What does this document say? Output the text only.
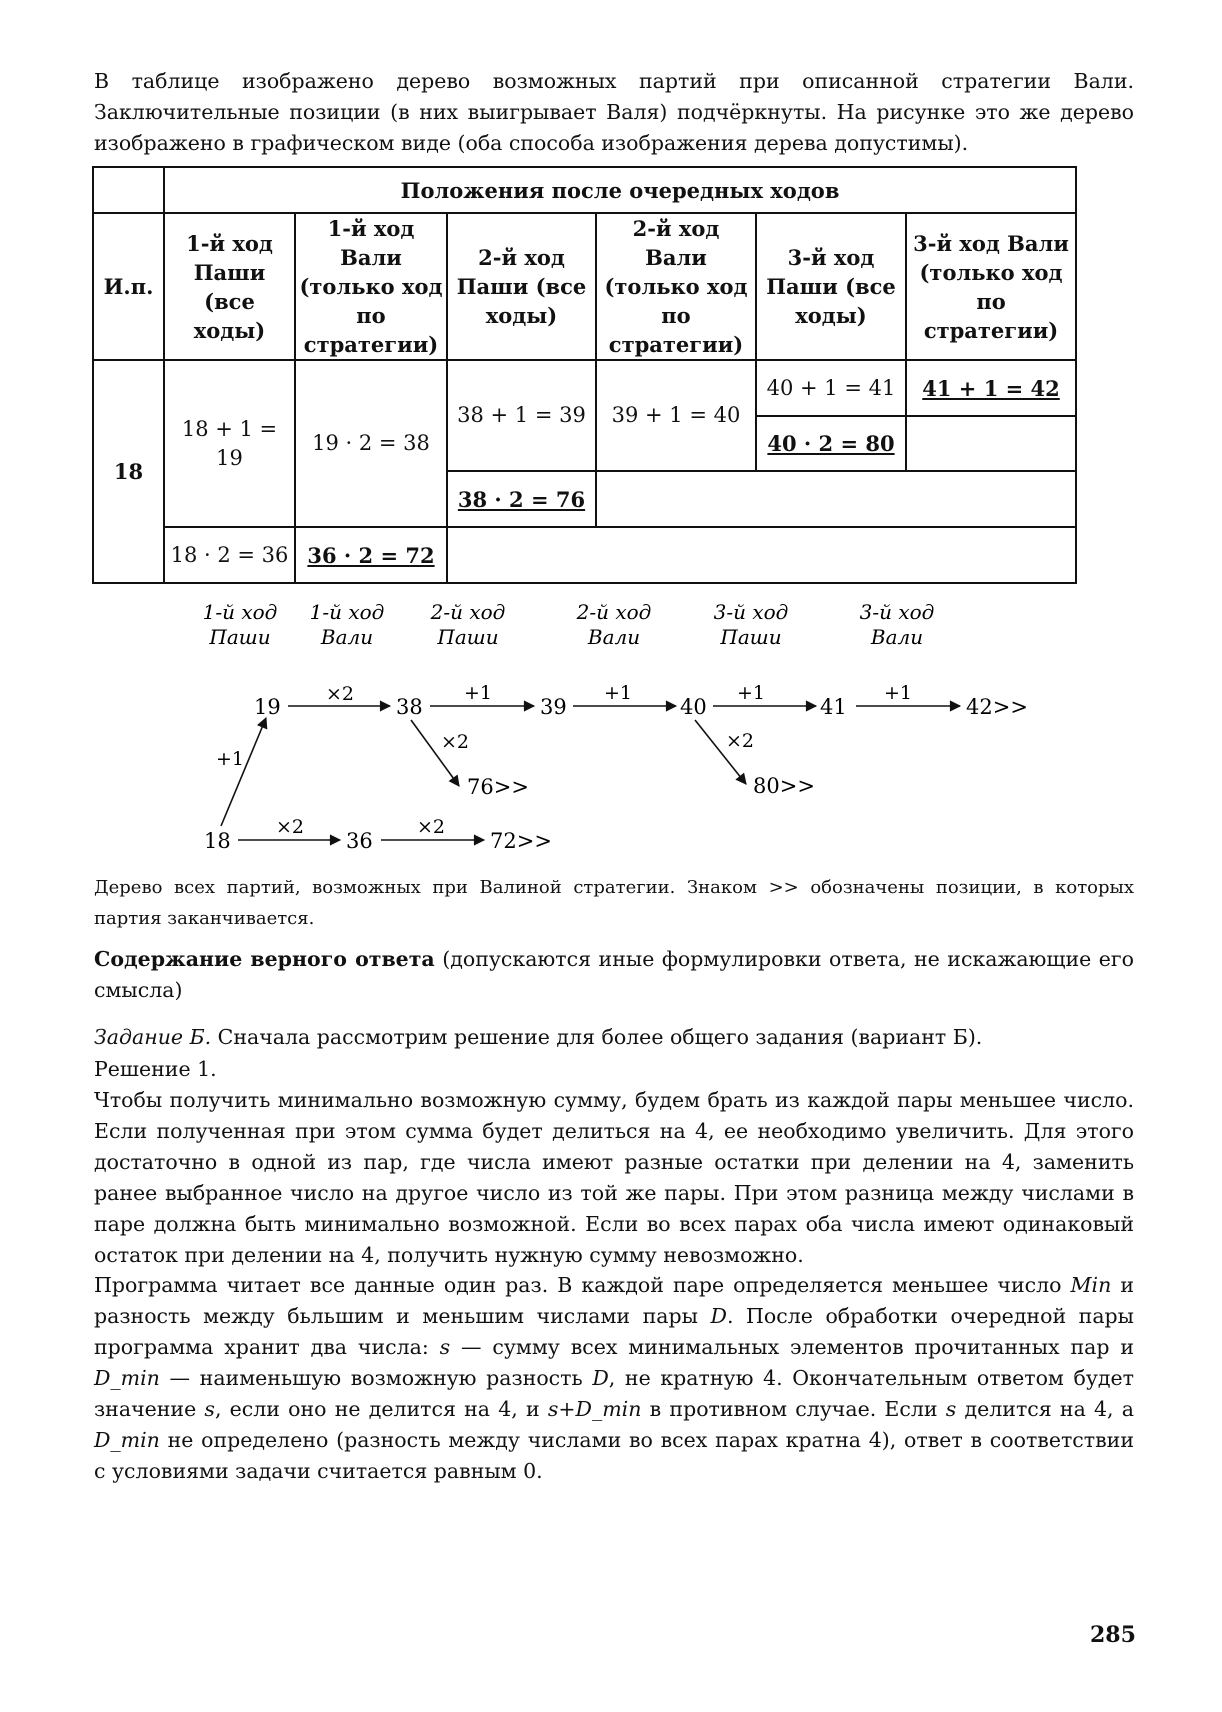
В таблице изображено дерево возможных партий при описанной стратегии Вали. Заключительные позиции (в них выигрывает Валя) подчёркнуты. На рисунке это же дерево изображено в графическом виде (оба способа изображения дерева допустимы).

	Положения после очередных ходов					
И.п.	1-й ход Паши (все ходы)	1-й ход Вали (только ход по стратегии)	2-й ход Паши (все ходы)	2-й ход Вали (только ход по стратегии)	3-й ход Паши (все ходы)	3-й ход Вали (только ход по стратегии)
18	18 + 1 = 19	19 · 2 = 38	38 + 1 = 39	39 + 1 = 40	40 + 1 = 41	41 + 1 = 42
					40 · 2 = 80	
			38 · 2 = 76			
	18 · 2 = 36	36 · 2 = 72				
1-й ход
Паши
1-й ход
Вали
2-й ход
Паши
2-й ход
Вали
3-й ход
Паши
3-й ход
Вали
19	38	39	40	41	42>>
76>>	80>>
18	36	72>>
×2	+1	+1	+1	+1
×2	×2
+1
×2	×2

Дерево всех партий, возможных при Валиной стратегии. Знаком >> обозначены позиции, в которых партия заканчивается.

Содержание верного ответа (допускаются иные формулировки ответа, не искажающие его смысла)

Задание Б. Сначала рассмотрим решение для более общего задания (вариант Б).

Решение 1.

Чтобы получить минимально возможную сумму, будем брать из каждой пары меньшее число. Если полученная при этом сумма будет делиться на 4, ее необходимо увеличить. Для этого достаточно в одной из пар, где числа имеют разные остатки при делении на 4, заменить ранее выбранное число на другое число из той же пары. При этом разница между числами в паре должна быть минимально возможной. Если во всех парах оба числа имеют одинаковый остаток при делении на 4, получить нужную сумму невозможно.

Программа читает все данные один раз. В каждой паре определяется меньшее число Min и разность между бьльшим и меньшим числами пары D. После обработки очередной пары программа хранит два числа: s — сумму всех минимальных элементов прочитанных пар и D_min — наименьшую возможную разность D, не кратную 4. Окончательным ответом будет значение s, если оно не делится на 4, и s+D_min в противном случае. Если s делится на 4, а D_min не определено (разность между числами во всех парах кратна 4), ответ в соответствии с условиями задачи считается равным 0.

285
